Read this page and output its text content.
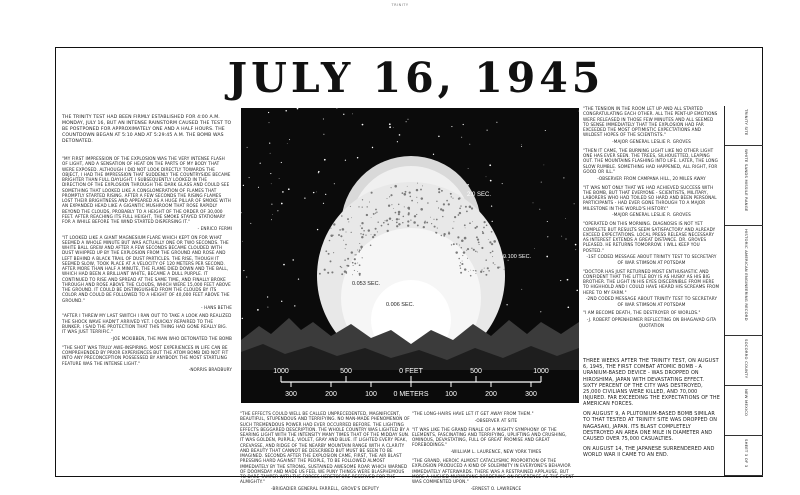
TRINITY
JULY 16, 1945
THE TRINITY TEST HAD BEEN FIRMLY ESTABLISHED FOR 4:00 A.M. MONDAY, JULY 16, BUT AN INTENSE RAINSTORM CAUSED THE TEST TO BE POSTPONED FOR APPROXIMATELY ONE AND A HALF HOURS. THE COUNTDOWN BEGAN AT 5:10 AND AT 5:29:45 A.M. THE BOMB WAS DETONATED.

"MY FIRST IMPRESSION OF THE EXPLOSION WAS THE VERY INTENSE FLASH OF LIGHT, AND A SENSATION OF HEAT ON THE PARTS OF MY BODY THAT WERE EXPOSED. ALTHOUGH I DID NOT LOOK DIRECTLY TOWARDS THE OBJECT, I HAD THE IMPRESSION THAT SUDDENLY THE COUNTRYSIDE BECAME BRIGHTER THAN FULL DAYLIGHT. I SUBSEQUENTLY LOOKED IN THE DIRECTION OF THE EXPLOSION THROUGH THE DARK GLASS AND COULD SEE SOMETHING THAT LOOKED LIKE A CONGLOMERATION OF FLAMES THAT PROMPTLY STARTED RISING. AFTER A FEW SECONDS THE RISING FLAMES LOST THEIR BRIGHTNESS AND APPEARED AS A HUGE PILLAR OF SMOKE WITH AN EXPANDED HEAD LIKE A GIGANTIC MUSHROOM THAT ROSE RAPIDLY BEYOND THE CLOUDS, PROBABLY TO A HEIGHT OF THE ORDER OF 30,000 FEET. AFTER REACHING ITS FULL HEIGHT, THE SMOKE STAYED STATIONARY FOR A WHILE BEFORE THE WIND STARTED DISPERSING IT."

- ENRICO FERMI

"IT LOOKED LIKE A GIANT MAGNESIUM FLARE WHICH KEPT ON FOR WHAT SEEMED A WHOLE MINUTE BUT WAS ACTUALLY ONE OR TWO SECONDS. THE WHITE BALL GREW AND AFTER A FEW SECONDS BECAME CLOUDED WITH DUST WHIPPED UP BY THE EXPLOSION FROM THE GROUND AND ROSE AND LEFT BEHIND A BLACK TRAIL OF DUST PARTICLES. THE RISE, THOUGH IT SEEMED SLOW, TOOK PLACE AT A VELOCITY OF 120 METERS PER SECOND. AFTER MORE THAN HALF A MINUTE, THE FLAME DIED DOWN AND THE BALL, WHICH HAD BEEN A BRILLIANT WHITE, BECAME A DULL PURPLE. IT CONTINUED TO RISE AND SPREAD AT THE SAME TIME, AND FINALLY BROKE THROUGH AND ROSE ABOVE THE CLOUDS, WHICH WERE 15,000 FEET ABOVE THE GROUND. IT COULD BE DISTINGUISHED FROM THE CLOUDS BY ITS COLOR AND COULD BE FOLLOWED TO A HEIGHT OF 40,000 FEET ABOVE THE GROUND."

- HANS BETHE

"AFTER I THREW MY LAST SWITCH I RAN OUT TO TAKE A LOOK AND REALIZED THE SHOCK WAVE HADN'T ARRIVED YET. I QUICKLY REPAIRED TO THE BUNKER. I SAID THE PROTECTION THAT THIS THING HAD GONE REALLY BIG. IT WAS JUST TERRIFIC."

-JOE MCKIBBEN, THE MAN WHO DETONATED THE BOMB

"THE SHOT WAS TRULY AWE-INSPIRING. MOST EXPERIENCES IN LIFE CAN BE COMPREHENDED BY PRIOR EXPERIENCES BUT THE ATOM BOMB DID NOT FIT INTO ANY PRECONCEPTION POSSESSED BY ANYBODY. THE MOST STARTLING FEATURE WAS THE INTENSE LIGHT."

-NORRIS BRADBURY

2.0 SEC.
0.100 SEC.
0.053 SEC.
0.006 SEC.
1000	500	0 FEET	500	1000
300	200	100 0 METERS 100	200	300

"THE EFFECTS COULD WELL BE CALLED UNPRECEDENTED, MAGNIFICENT, BEAUTIFUL, STUPENDOUS AND TERRIFYING. NO MAN-MADE PHENOMENON OF SUCH TREMENDOUS POWER HAD EVER OCCURRED BEFORE. THE LIGHTING EFFECTS BEGGARED DESCRIPTION. THE WHOLE COUNTRY WAS LIGHTED BY A SEARING LIGHT WITH THE INTENSITY MANY TIMES THAT OF THE MIDDAY SUN. IT WAS GOLDEN, PURPLE, VIOLET, GRAY AND BLUE. IT LIGHTED EVERY PEAK, CREVASSE, AND RIDGE OF THE NEARBY MOUNTAIN RANGE WITH A CLARITY AND BEAUTY THAT CANNOT BE DESCRIBED BUT MUST BE SEEN TO BE IMAGINED. SECONDS AFTER THE EXPLOSION CAME, FIRST, THE AIR BLAST PRESSING HARD AGAINST THE PEOPLE, TO BE FOLLOWED ALMOST IMMEDIATELY BY THE STRONG, SUSTAINED AWESOME ROAR WHICH WARNED OF DOOMSDAY AND MADE US FEEL WE PUNY THINGS WERE BLASPHEMOUS TO DARE TAMPER WITH THE FORCES HERETOFORE RESERVED FOR THE ALMIGHTY."

-BRIGADIER GENERAL FARRELL, GROVE'S DEPUTY

"THE LONG-HAIRS HAVE LET IT GET AWAY FROM THEM."

-OBSERVER AT SITE

"IT WAS LIKE THE GRAND FINALE OF A MIGHTY SYMPHONY OF THE ELEMENTS, FASCINATING AND TERRIFYING, UPLIFTING AND CRUSHING, OMINOUS, DEVASTATING, FULL OF GREAT PROMISE AND GREAT FOREBODINGS."

-WILLIAM L. LAURENCE, NEW YORK TIMES

"THE GRAND, HEROIC ALMOST CATACLYSMIC PROPORTION OF THE EXPLOSION PRODUCED A KIND OF SOLEMNITY IN EVERYONE'S BEHAVIOR IMMEDIATELY AFTERWARDS. THERE WAS A RESTRAINED APPLAUSE, BUT MORE A HUSHED MURMURING BORDERING ON REVERENCE AS THE EVENT WAS COMMENTED UPON."

-ERNEST O. LAWRENCE

"THE TENSION IN THE ROOM LET UP AND ALL STARTED CONGRATULATING EACH OTHER. ALL THE PENT-UP EMOTIONS WERE RELEASED IN THOSE FEW MINUTES AND ALL SEEMED TO SENSE IMMEDIATELY THAT THE EXPLOSION HAD FAR EXCEEDED THE MOST OPTIMISTIC EXPECTATIONS AND WILDEST HOPES OF THE SCIENTISTS."

-MAJOR GENERAL LESLIE R. GROVES

"THEN IT CAME, THE BURNING LIGHT LIKE NO OTHER LIGHT ONE HAS EVER SEEN. THE TREES, SILHOUETTED, LEAPING OUT. THE MOUNTAINS FLASHING INTO LIFE. LATER, THE LONG SLOW RUMBLE. SOMETHING HAD HAPPENED, ALL RIGHT, FOR GOOD OR ILL."

-OBSERVER FROM CAMPANA HILL, 20 MILES AWAY

"IT WAS NOT ONLY THAT WE HAD ACHIEVED SUCCESS WITH THE BOMB, BUT THAT EVERYONE - SCIENTISTS, MILITARY, LABORERS WHO HAD TOILED SO HARD AND BEEN PERSONAL PARTICIPANTS - HAD EVER GONE THROUGH TO A MAJOR MILESTONE IN THE WORLD'S HISTORY."

-MAJOR GENERAL LESLIE R. GROVES

"OPERATED ON THIS MORNING. DIAGNOSIS IS NOT YET COMPLETE BUT RESULTS SEEM SATISFACTORY AND ALREADY EXCEED EXPECTATIONS. LOCAL PRESS RELEASE NECESSARY AS INTEREST EXTENDS A GREAT DISTANCE. DR. GROVES PLEASED. HE RETURNS TOMORROW. I WILL KEEP YOU POSTED."

-1ST CODED MESSAGE ABOUT TRINITY TEST TO SECRETARY OF WAR STIMSON AT POTSDAM

"DOCTOR HAS JUST RETURNED MOST ENTHUSIASTIC AND CONFIDENT THAT THE LITTLE BOY IS AS HUSKY AS HIS BIG BROTHER. THE LIGHT IN HIS EYES DISCERNIBLE FROM HERE TO HIGHHOLD AND I COULD HAVE HEARD HIS SCREAMS FROM HERE TO MY FARM."

-2ND CODED MESSAGE ABOUT TRINITY TEST TO SECRETARY OF WAR STIMSON AT POTSDAM

"I AM BECOME DEATH, THE DESTROYER OF WORLDS."

-J. ROBERT OPPENHEIMER REFLECTING ON BHAGAVAD GITA QUOTATION

THREE WEEKS AFTER THE TRINITY TEST, ON AUGUST 6, 1945, THE FIRST COMBAT ATOMIC BOMB - A URANIUM-BASED DEVICE - WAS DROPPED ON HIROSHIMA, JAPAN WITH DEVASTATING EFFECT. SIXTY PERCENT OF THE CITY WAS DESTROYED, 25,000 CIVILIANS WERE KILLED, AND 70,000 INJURED. FAR EXCEEDING THE EXPECTATIONS OF THE AMERICAN FORCES.

ON AUGUST 9, A PLUTONIUM-BASED BOMB SIMILAR TO THAT TESTED AT TRINITY SITE WAS DROPPED ON NAGASAKI, JAPAN. ITS BLAST COMPLETELY DESTROYED AN AREA ONE MILE IN DIAMETER AND CAUSED OVER 75,000 CASUALTIES.

ON AUGUST 14, THE JAPANESE SURRENDERED AND WORLD WAR II CAME TO AN END.

TRINITY SITE
WHITE SANDS MISSILE RANGE
HISTORIC AMERICAN ENGINEERING RECORD
SOCORRO COUNTY
NEW MEXICO
SHEET 3 OF 3
